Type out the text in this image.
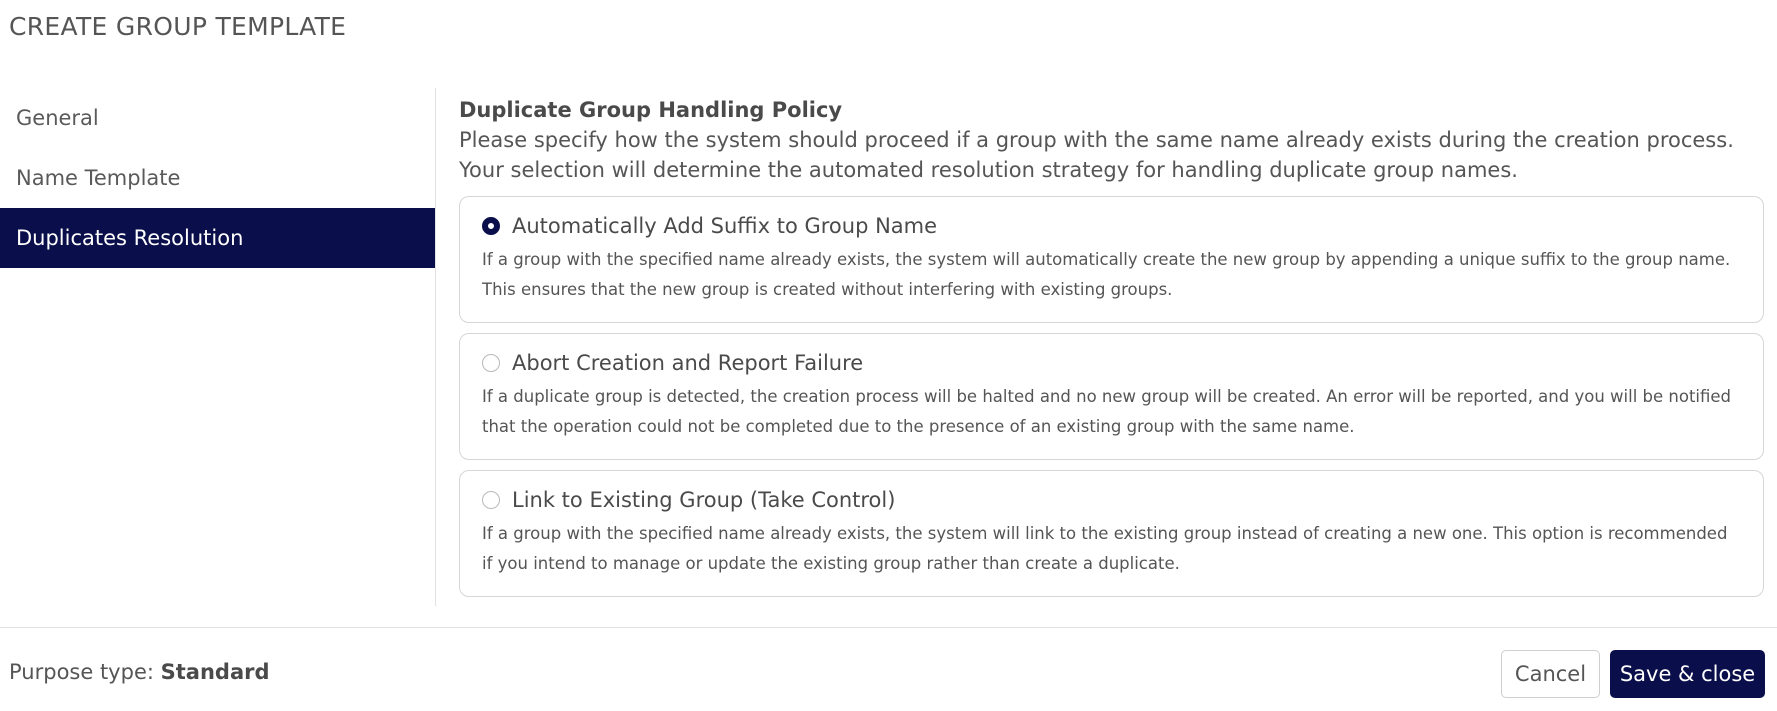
CREATE GROUP TEMPLATE
General
Name Template
Duplicates Resolution
Duplicate Group Handling Policy

Please specify how the system should proceed if a group with the same name already exists during the creation process. Your selection will determine the automated resolution strategy for handling duplicate group names.

Automatically Add Suffix to Group Name
If a group with the specified name already exists, the system will automatically create the new group by appending a unique suffix to the group name. This ensures that the new group is created without interfering with existing groups.
Abort Creation and Report Failure
If a duplicate group is detected, the creation process will be halted and no new group will be created. An error will be reported, and you will be notified that the operation could not be completed due to the presence of an existing group with the same name.
Link to Existing Group (Take Control)
If a group with the specified name already exists, the system will link to the existing group instead of creating a new one. This option is recommended if you intend to manage or update the existing group rather than create a duplicate.
Purpose type: Standard	Cancel	Save & close
